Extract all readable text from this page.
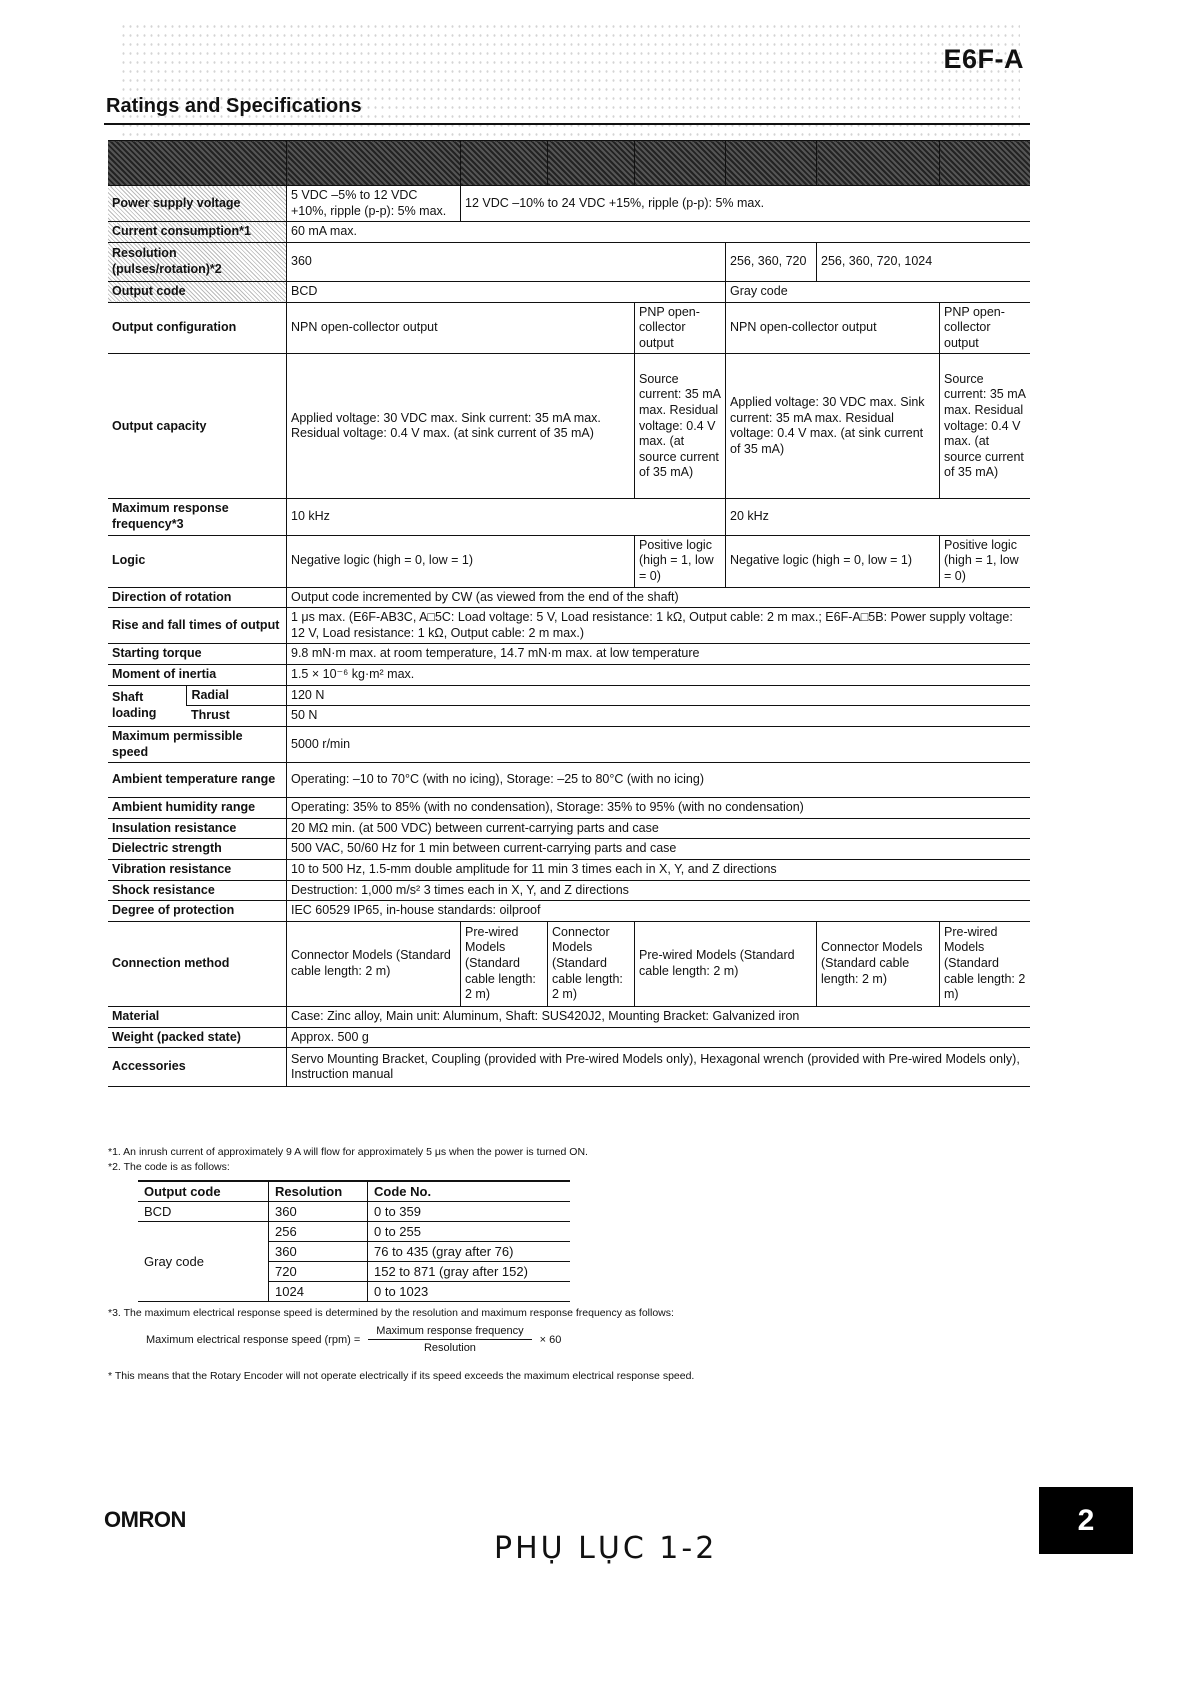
E6F-A
Ratings and Specifications

Power supply voltage		5 VDC –5% to 12 VDC +10%, ripple (p-p): 5% max.	12 VDC –10% to 24 VDC +15%, ripple (p-p): 5% max.					
Current consumption*1		60 mA max.						
Resolution (pulses/rotation)*2		360				256, 360, 720	256, 360, 720, 1024	
Output code		BCD				Gray code		
Output configuration		NPN open-collector output			PNP open-collector output	NPN open-collector output		PNP open-collector output
Output capacity		Applied voltage: 30 VDC max. Sink current: 35 mA max. Residual voltage: 0.4 V max. (at sink current of 35 mA)			Source current: 35 mA max. Residual voltage: 0.4 V max. (at source current of 35 mA)	Applied voltage: 30 VDC max. Sink current: 35 mA max. Residual voltage: 0.4 V max. (at sink current of 35 mA)		Source current: 35 mA max. Residual voltage: 0.4 V max. (at source current of 35 mA)
Maximum response frequency*3		10 kHz				20 kHz		
Logic		Negative logic (high = 0, low = 1)			Positive logic (high = 1, low = 0)	Negative logic (high = 0, low = 1)		Positive logic (high = 1, low = 0)
Direction of rotation		Output code incremented by CW (as viewed from the end of the shaft)						
Rise and fall times of output		1 μs max. (E6F-AB3C, A□5C: Load voltage: 5 V, Load resistance: 1 kΩ, Output cable: 2 m max.; E6F-A□5B: Power supply voltage: 12 V, Load resistance: 1 kΩ, Output cable: 2 m max.)						
Starting torque		9.8 mN·m max. at room temperature, 14.7 mN·m max. at low temperature						
Moment of inertia		1.5 × 10⁻⁶ kg·m² max.						
Shaft loading	Radial	120 N						
	Thrust	50 N						
Maximum permissible speed		5000 r/min						
Ambient temperature range		Operating: –10 to 70°C (with no icing), Storage: –25 to 80°C (with no icing)						
Ambient humidity range		Operating: 35% to 85% (with no condensation), Storage: 35% to 95% (with no condensation)						
Insulation resistance		20 MΩ min. (at 500 VDC) between current-carrying parts and case						
Dielectric strength		500 VAC, 50/60 Hz for 1 min between current-carrying parts and case						
Vibration resistance		10 to 500 Hz, 1.5-mm double amplitude for 11 min 3 times each in X, Y, and Z directions						
Shock resistance		Destruction: 1,000 m/s² 3 times each in X, Y, and Z directions						
Degree of protection		IEC 60529 IP65, in-house standards: oilproof						
Connection method		Connector Models (Standard cable length: 2 m)	Pre-wired Models (Standard cable length: 2 m)	Connector Models (Standard cable length: 2 m)	Pre-wired Models (Standard cable length: 2 m)		Connector Models (Standard cable length: 2 m)	Pre-wired Models (Standard cable length: 2 m)
Material		Case: Zinc alloy, Main unit: Aluminum, Shaft: SUS420J2, Mounting Bracket: Galvanized iron						
Weight (packed state)		Approx. 500 g						
Accessories		Servo Mounting Bracket, Coupling (provided with Pre-wired Models only), Hexagonal wrench (provided with Pre-wired Models only), Instruction manual						
*1. An inrush current of approximately 9 A will flow for approximately 5 μs when the power is turned ON.
*2. The code is as follows:
Output code	Resolution	Code No.
BCD	360	0 to 359
Gray code	256	0 to 255
	360	76 to 435 (gray after 76)
	720	152 to 871 (gray after 152)
	1024	0 to 1023
*3. The maximum electrical response speed is determined by the resolution and maximum response frequency as follows:
Maximum electrical response speed $(rpm) = \frac{\text{Maximum response frequency}}{\text{Resolution}} \times 60$
* This means that the Rotary Encoder will not operate electrically if its speed exceeds the maximum electrical response speed.
OMRON	2
PHỤ LỤC 1-2
